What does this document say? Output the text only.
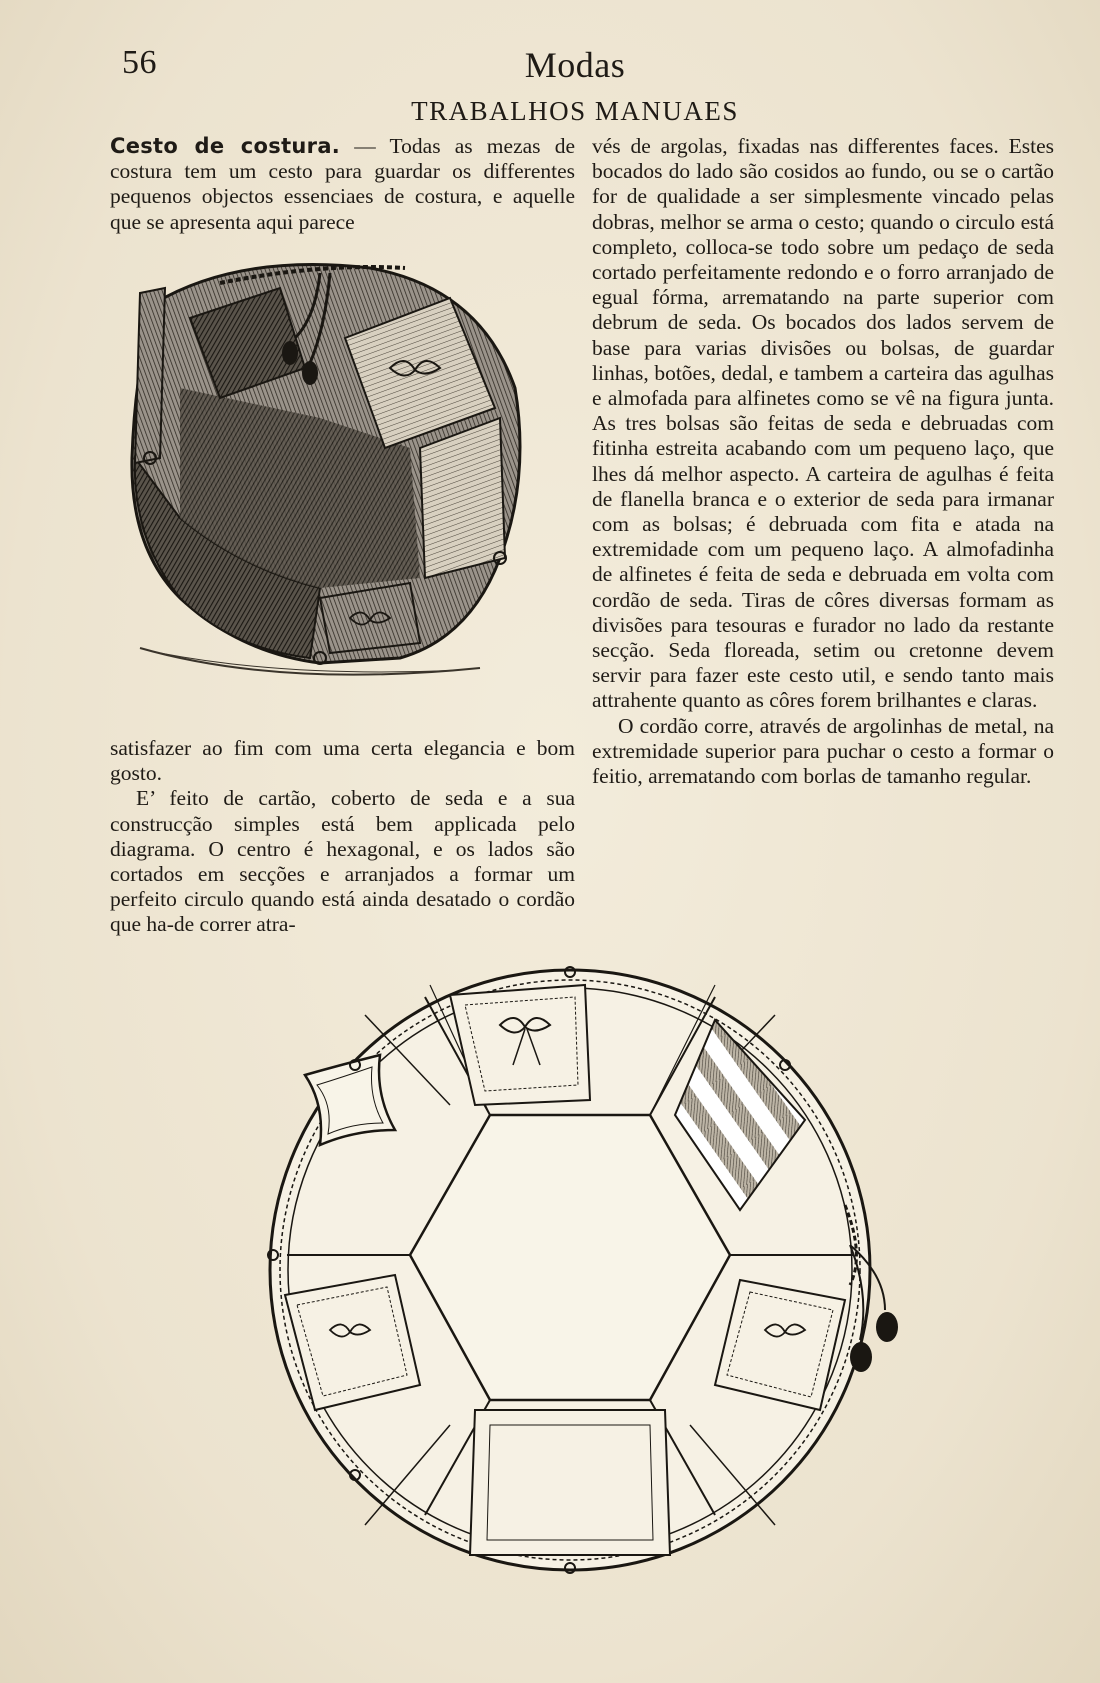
56	Modas
TRABALHOS MANUAES

Cesto de costura. — Todas as mezas de costura tem um cesto para guardar os differentes pequenos objectos essenciaes de costura, e aquelle que se apresenta aqui parece

satisfazer ao fim com uma certa elegancia e bom gosto.

E’ feito de cartão, coberto de seda e a sua construcção simples está bem applicada pelo diagrama. O centro é hexagonal, e os lados são cortados em secções e arranjados a formar um perfeito circulo quando está ainda desatado o cordão que ha-de correr atra-

vés de argolas, fixadas nas differentes faces. Estes bocados do lado são cosidos ao fundo, ou se o cartão for de qualidade a ser simplesmente vincado pelas dobras, melhor se arma o cesto; quando o circulo está completo, colloca-se todo sobre um pedaço de seda cortado perfeitamente redondo e o forro arranjado de egual fórma, arrematando na parte superior com debrum de seda. Os bocados dos lados servem de base para varias divisões ou bolsas, de guardar linhas, botões, dedal, e tambem a carteira das agulhas e almofada para alfinetes como se vê na figura junta. As tres bolsas são feitas de seda e debruadas com fitinha estreita acabando com um pequeno laço, que lhes dá melhor aspecto. A carteira de agulhas é feita de flanella branca e o exterior de seda para irmanar com as bolsas; é debruada com fita e atada na extremidade com um pequeno laço. A almofadinha de alfinetes é feita de seda e debruada em volta com cordão de seda. Tiras de côres diversas formam as divisões para tesouras e furador no lado da restante secção. Seda floreada, setim ou cretonne devem servir para fazer este cesto util, e sendo tanto mais attrahente quanto as côres forem brilhantes e claras.

O cordão corre, através de argolinhas de metal, na extremidade superior para puchar o cesto a formar o feitio, arrematando com borlas de tamanho regular.
